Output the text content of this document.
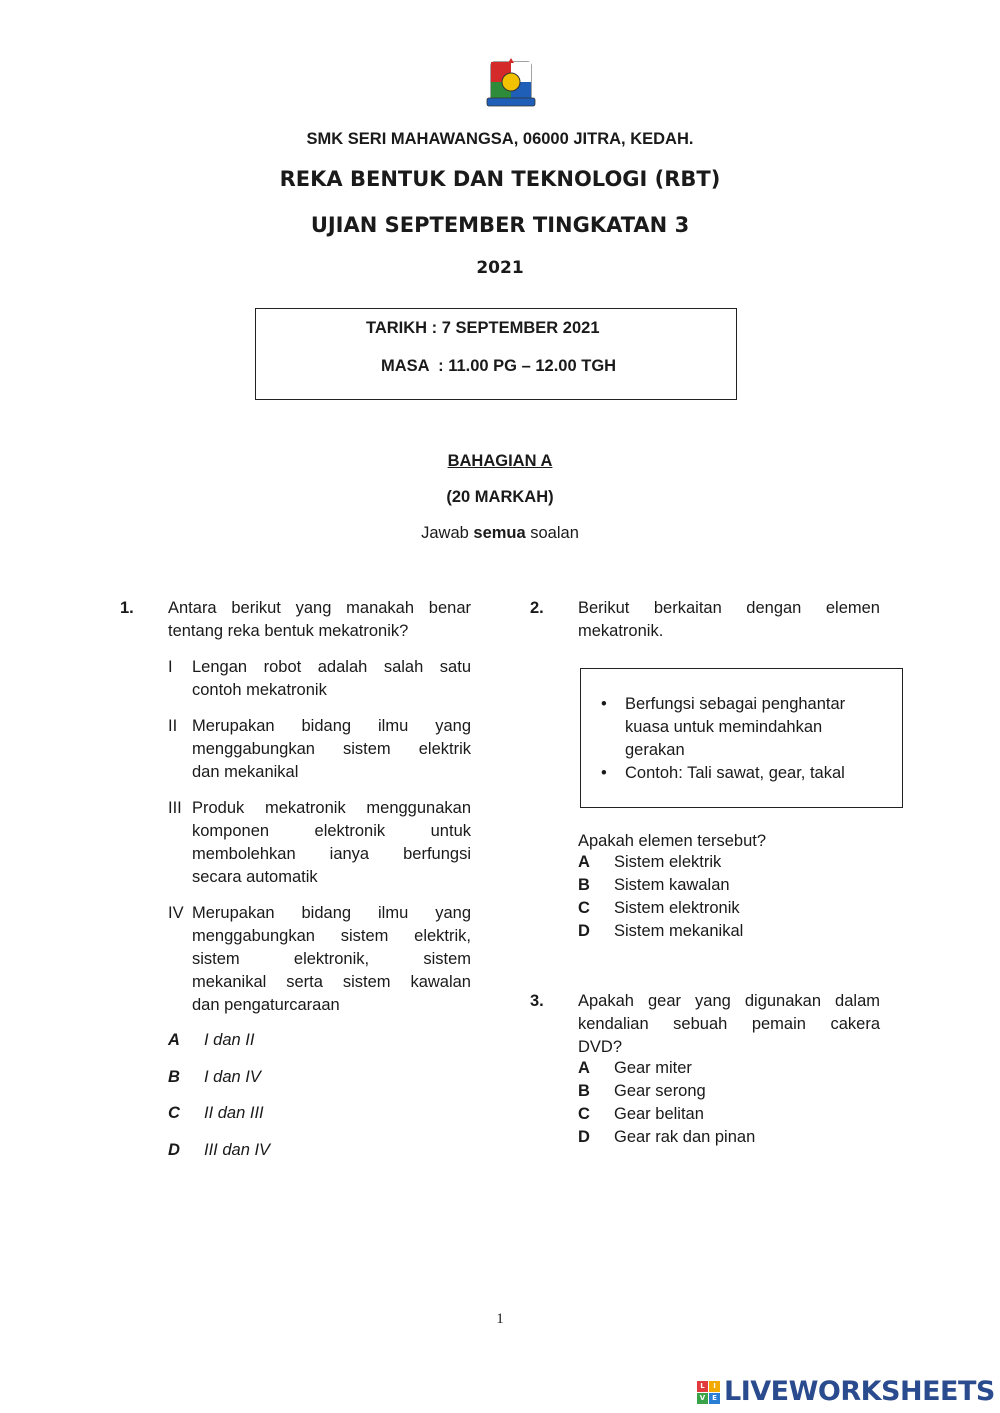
SMK SERI MAHAWANGSA, 06000 JITRA, KEDAH.
REKA BENTUK DAN TEKNOLOGI (RBT)
UJIAN SEPTEMBER TINGKATAN 3
2021
TARIKH : 7 SEPTEMBER 2021
MASA  : 11.00 PG – 12.00 TGH
BAHAGIAN A
(20 MARKAH)
Jawab semua soalan
1. Antara berikut yang manakah benar
tentang reka bentuk mekatronik?
I Lengan robot adalah salah satu
contoh mekatronik
II Merupakan bidang ilmu yang
menggabungkan sistem elektrik
dan mekanikal
III Produk mekatronik menggunakan
komponen elektronik untuk
membolehkan ianya berfungsi
secara automatik
IV Merupakan bidang ilmu yang
menggabungkan sistem elektrik,
sistem elektronik, sistem
mekanikal serta sistem kawalan
dan pengaturcaraan
A I dan II
B I dan IV
C II dan III
D III dan IV
2. Berikut berkaitan dengan elemen
mekatronik.
• Berfungsi sebagai penghantar
kuasa untuk memindahkan
gerakan
• Contoh: Tali sawat, gear, takal
Apakah elemen tersebut?
A Sistem elektrik
B Sistem kawalan
C Sistem elektronik
D Sistem mekanikal
3. Apakah gear yang digunakan dalam
kendalian sebuah pemain cakera
DVD?
A Gear miter
B Gear serong
C Gear belitan
D Gear rak dan pinan
1
L	I
V E LIVEWORKSHEETS
